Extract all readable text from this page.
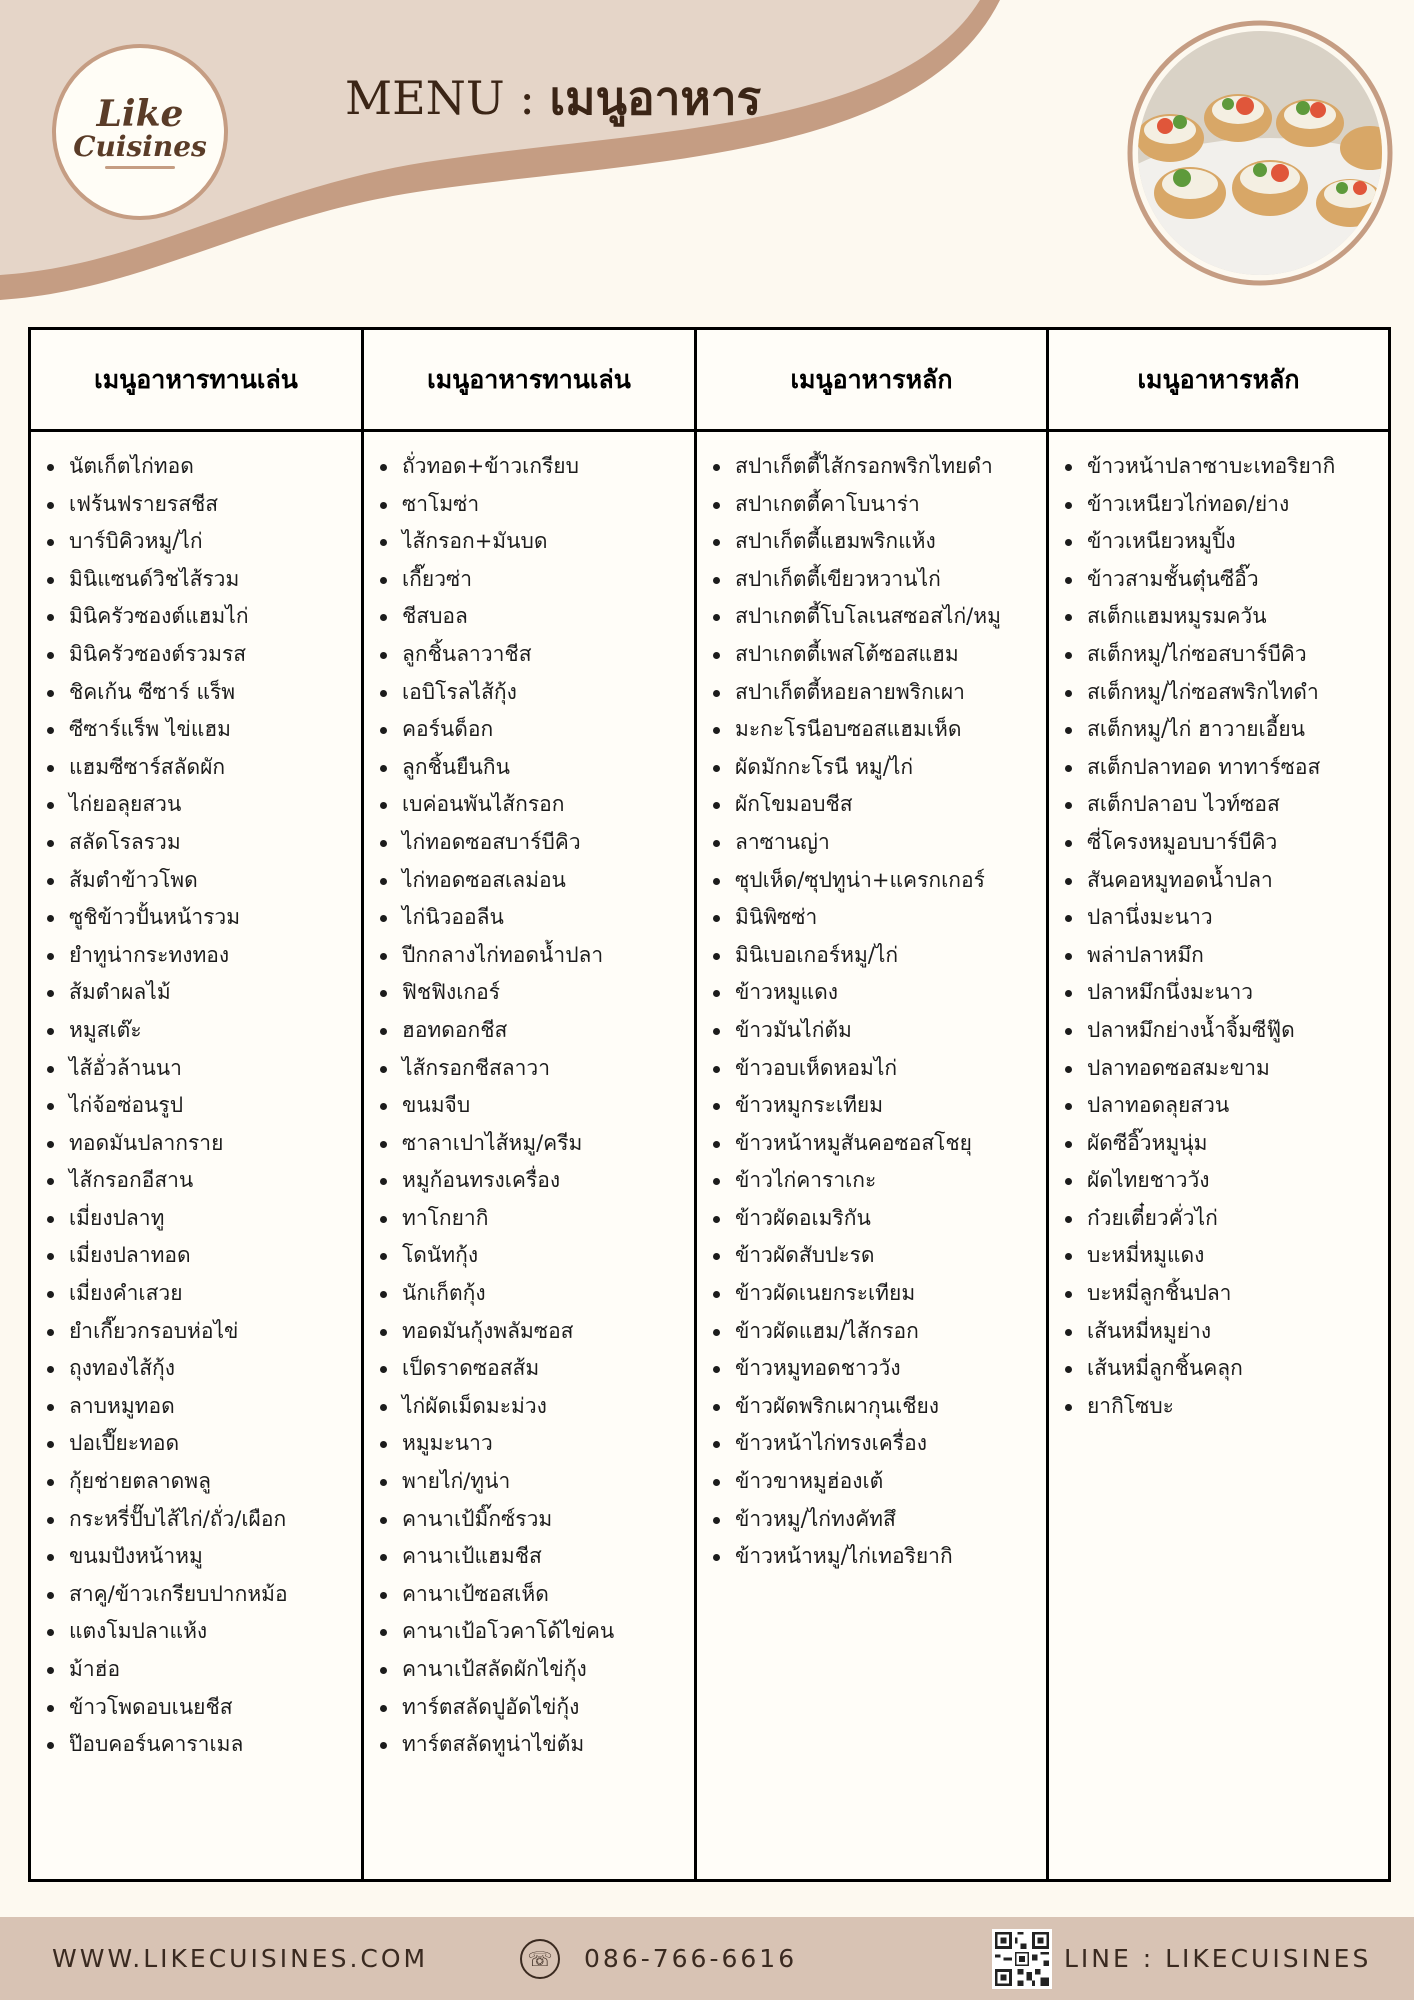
Like
Cuisines
MENU : เมนูอาหาร
เมนูอาหารทานเล่น
นัตเก็ตไก่ทอด
เฟร้นฟรายรสชีส
บาร์บิคิวหมู/ไก่
มินิแซนด์วิชไส้รวม
มินิครัวซองต์แฮมไก่
มินิครัวซองต์รวมรส
ชิคเก้น ซีซาร์ แร็พ
ซีซาร์แร็พ ไข่แฮม
แฮมซีซาร์สลัดผัก
ไก่ยอลุยสวน
สลัดโรลรวม
ส้มตำข้าวโพด
ซูชิข้าวปั้นหน้ารวม
ยำทูน่ากระทงทอง
ส้มตำผลไม้
หมูสเต๊ะ
ไส้อั่วล้านนา
ไก่จ้อซ่อนรูป
ทอดมันปลากราย
ไส้กรอกอีสาน
เมี่ยงปลาทู
เมี่ยงปลาทอด
เมี่ยงคำเสวย
ยำเกี๊ยวกรอบห่อไข่
ถุงทองไส้กุ้ง
ลาบหมูทอด
ปอเปี๊ยะทอด
กุ้ยช่ายตลาดพลู
กระหรี่ปั๊บไส้ไก่/ถั่ว/เผือก
ขนมปังหน้าหมู
สาคู/ข้าวเกรียบปากหม้อ
แตงโมปลาแห้ง
ม้าฮ่อ
ข้าวโพดอบเนยชีส
ป๊อบคอร์นคาราเมล
เมนูอาหารทานเล่น
ถั่วทอด+ข้าวเกรียบ
ซาโมซ่า
ไส้กรอก+มันบด
เกี๊ยวซ่า
ชีสบอล
ลูกชิ้นลาวาชีส
เอบิโรลไส้กุ้ง
คอร์นด็อก
ลูกชิ้นยืนกิน
เบค่อนพันไส้กรอก
ไก่ทอดซอสบาร์บีคิว
ไก่ทอดซอสเลม่อน
ไก่นิวออลีน
ปีกกลางไก่ทอดน้ำปลา
ฟิชฟิงเกอร์
ฮอทดอกชีส
ไส้กรอกชีสลาวา
ขนมจีบ
ซาลาเปาไส้หมู/ครีม
หมูก้อนทรงเครื่อง
ทาโกยากิ
โดนัทกุ้ง
นักเก็ตกุ้ง
ทอดมันกุ้งพลัมซอส
เป็ดราดซอสส้ม
ไก่ผัดเม็ดมะม่วง
หมูมะนาว
พายไก่/ทูน่า
คานาเป้มิ๊กซ์รวม
คานาเป้แฮมชีส
คานาเป้ซอสเห็ด
คานาเป้อโวคาโด้ไข่คน
คานาเป้สลัดผักไข่กุ้ง
ทาร์ตสลัดปูอัดไข่กุ้ง
ทาร์ตสลัดทูน่าไข่ต้ม
เมนูอาหารหลัก
สปาเก็ตตี้ไส้กรอกพริกไทยดำ
สปาเกตตี้คาโบนาร่า
สปาเก็ตตี้แฮมพริกแห้ง
สปาเก็ตตี้เขียวหวานไก่
สปาเกตตี้โบโลเนสซอสไก่/หมู
สปาเกตตี้เพสโต้ซอสแฮม
สปาเก็ตตี้หอยลายพริกเผา
มะกะโรนีอบซอสแฮมเห็ด
ผัดมักกะโรนี หมู/ไก่
ผักโขมอบชีส
ลาซานญ่า
ซุปเห็ด/ซุปทูน่า+แครกเกอร์
มินิพิซซ่า
มินิเบอเกอร์หมู/ไก่
ข้าวหมูแดง
ข้าวมันไก่ต้ม
ข้าวอบเห็ดหอมไก่
ข้าวหมูกระเทียม
ข้าวหน้าหมูสันคอซอสโชยุ
ข้าวไก่คาราเกะ
ข้าวผัดอเมริกัน
ข้าวผัดสับปะรด
ข้าวผัดเนยกระเทียม
ข้าวผัดแฮม/ไส้กรอก
ข้าวหมูทอดชาววัง
ข้าวผัดพริกเผากุนเชียง
ข้าวหน้าไก่ทรงเครื่อง
ข้าวขาหมูฮ่องเต้
ข้าวหมู/ไก่ทงคัทสึ
ข้าวหน้าหมู/ไก่เทอริยากิ
เมนูอาหารหลัก
ข้าวหน้าปลาซาบะเทอริยากิ
ข้าวเหนียวไก่ทอด/ย่าง
ข้าวเหนียวหมูปิ้ง
ข้าวสามชั้นตุ๋นซีอิ๊ว
สเต็กแฮมหมูรมควัน
สเต็กหมู/ไก่ซอสบาร์บีคิว
สเต็กหมู/ไก่ซอสพริกไทดำ
สเต็กหมู/ไก่ ฮาวายเอี้ยน
สเต็กปลาทอด ทาทาร์ซอส
สเต็กปลาอบ ไวท์ซอส
ซี่โครงหมูอบบาร์บีคิว
สันคอหมูทอดน้ำปลา
ปลานึ่งมะนาว
พล่าปลาหมึก
ปลาหมึกนึ่งมะนาว
ปลาหมึกย่างน้ำจิ้มซีฟู๊ด
ปลาทอดซอสมะขาม
ปลาทอดลุยสวน
ผัดซีอิ๊วหมูนุ่ม
ผัดไทยชาววัง
ก๋วยเตี๋ยวคั่วไก่
บะหมี่หมูแดง
บะหมี่ลูกชิ้นปลา
เส้นหมี่หมูย่าง
เส้นหมี่ลูกชิ้นคลุก
ยากิโซบะ
WWW.LIKECUISINES.COM	☏	086-766-6616	LINE : LIKECUISINES
